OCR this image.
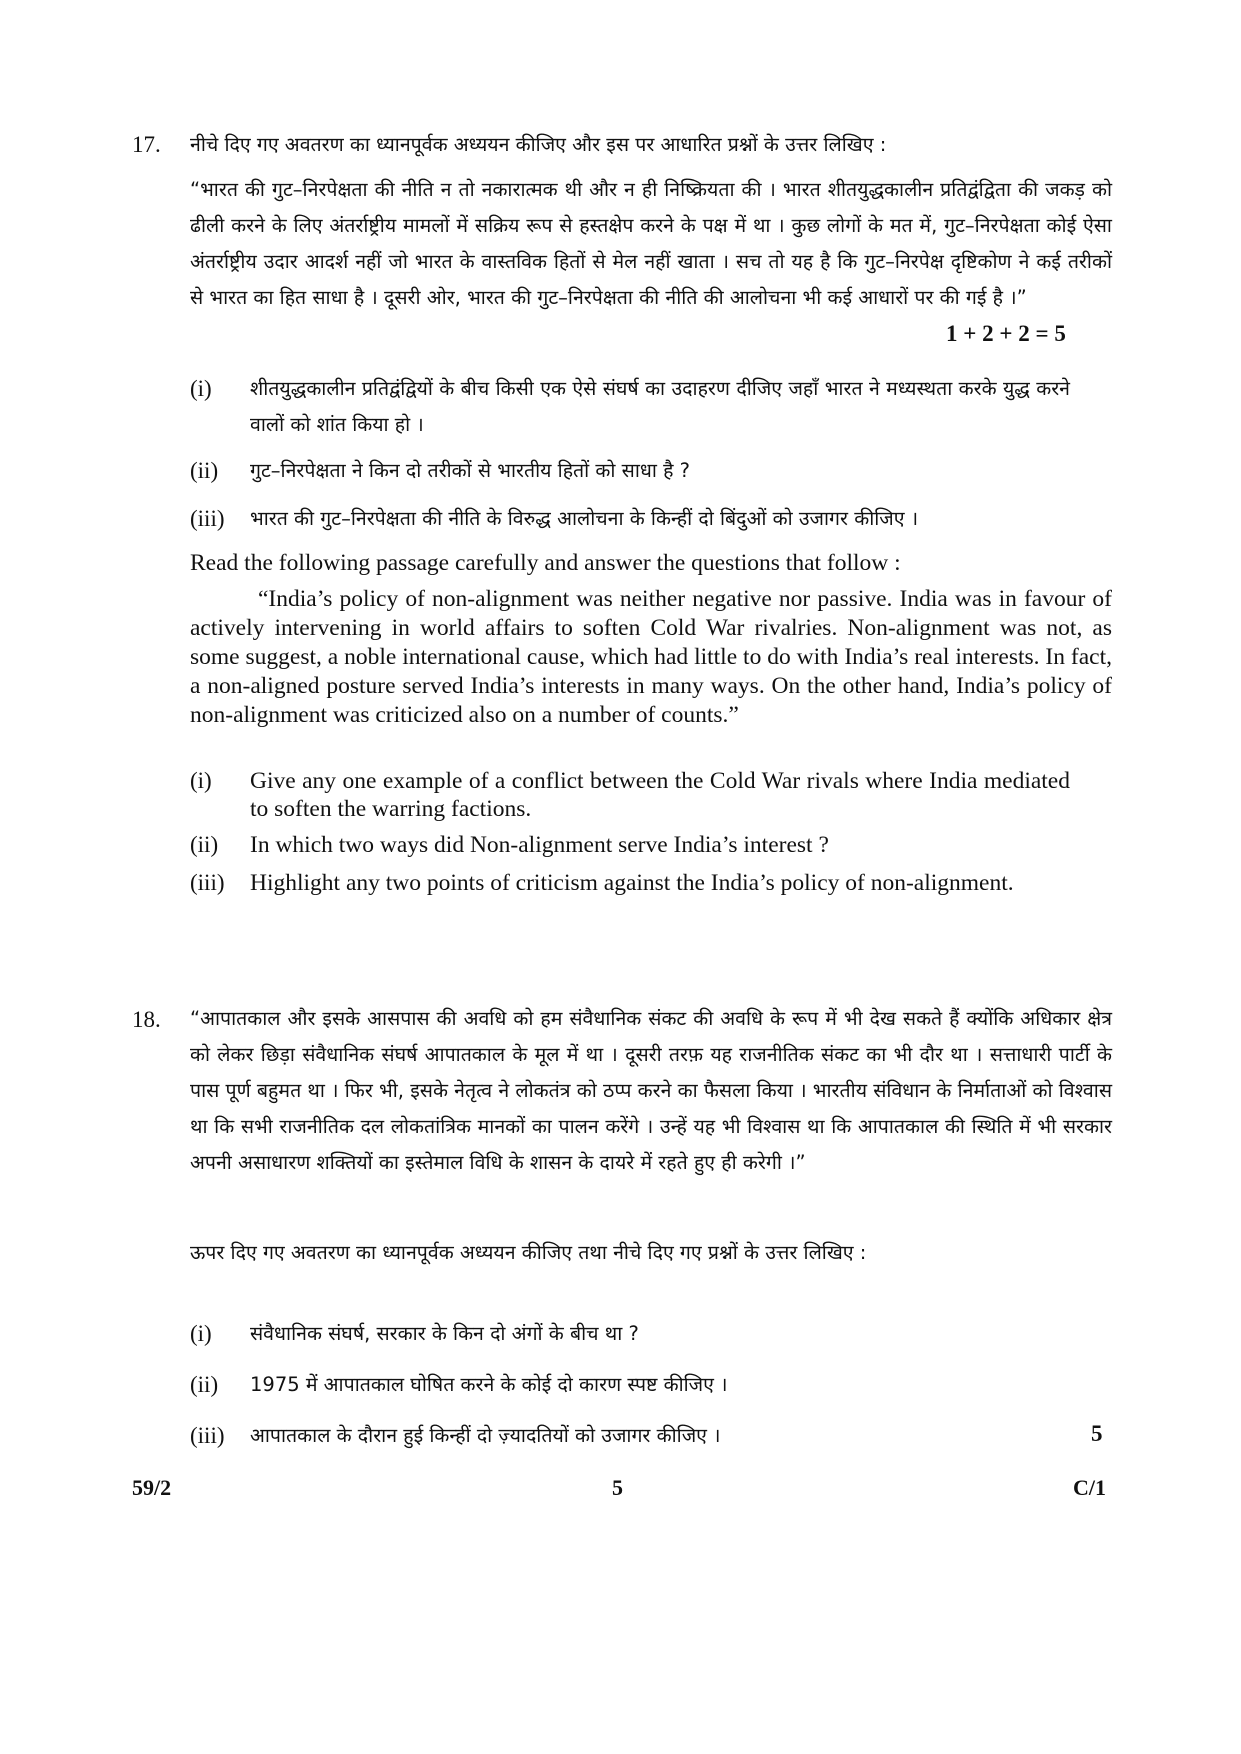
17. नीचे दिए गए अवतरण का ध्यानपूर्वक अध्ययन कीजिए और इस पर आधारित प्रश्नों के उत्तर लिखिए :

“भारत की गुट–निरपेक्षता की नीति न तो नकारात्मक थी और न ही निष्क्रियता की । भारत शीतयुद्धकालीन प्रतिद्वंद्विता की जकड़ को ढीली करने के लिए अंतर्राष्ट्रीय मामलों में सक्रिय रूप से हस्तक्षेप करने के पक्ष में था । कुछ लोगों के मत में, गुट–निरपेक्षता कोई ऐसा अंतर्राष्ट्रीय उदार आदर्श नहीं जो भारत के वास्तविक हितों से मेल नहीं खाता । सच तो यह है कि गुट–निरपेक्ष दृष्टिकोण ने कई तरीकों से भारत का हित साधा है । दूसरी ओर, भारत की गुट–निरपेक्षता की नीति की आलोचना भी कई आधारों पर की गई है ।”

1 + 2 + 2 = 5
(i)	शीतयुद्धकालीन प्रतिद्वंद्वियों के बीच किसी एक ऐसे संघर्ष का उदाहरण दीजिए जहाँ भारत ने मध्यस्थता करके युद्ध करने वालों को शांत किया हो ।
(ii)	गुट–निरपेक्षता ने किन दो तरीकों से भारतीय हितों को साधा है ?
(iii)	भारत की गुट–निरपेक्षता की नीति के विरुद्ध आलोचना के किन्हीं दो बिंदुओं को उजागर कीजिए ।
Read the following passage carefully and answer the questions that follow :

“India’s policy of non-alignment was neither negative nor passive. India was in favour of actively intervening in world affairs to soften Cold War rivalries. Non-alignment was not, as some suggest, a noble international cause, which had little to do with India’s real interests. In fact, a non-aligned posture served India’s interests in many ways. On the other hand, India’s policy of non-alignment was criticized also on a number of counts.”

(i)	Give any one example of a conflict between the Cold War rivals where India mediated to soften the warring factions.
(ii)	In which two ways did Non-alignment serve India’s interest ?
(iii)	Highlight any two points of criticism against the India’s policy of non-alignment.
18. “आपातकाल और इसके आसपास की अवधि को हम संवैधानिक संकट की अवधि के रूप में भी देख सकते हैं क्योंकि अधिकार क्षेत्र को लेकर छिड़ा संवैधानिक संघर्ष आपातकाल के मूल में था । दूसरी तरफ़ यह राजनीतिक संकट का भी दौर था । सत्ताधारी पार्टी के पास पूर्ण बहुमत था । फिर भी, इसके नेतृत्व ने लोकतंत्र को ठप्प करने का फैसला किया । भारतीय संविधान के निर्माताओं को विश्वास था कि सभी राजनीतिक दल लोकतांत्रिक मानकों का पालन करेंगे । उन्हें यह भी विश्वास था कि आपातकाल की स्थिति में भी सरकार अपनी असाधारण शक्तियों का इस्तेमाल विधि के शासन के दायरे में रहते हुए ही करेगी ।”

ऊपर दिए गए अवतरण का ध्यानपूर्वक अध्ययन कीजिए तथा नीचे दिए गए प्रश्नों के उत्तर लिखिए :
(i)	संवैधानिक संघर्ष, सरकार के किन दो अंगों के बीच था ?
(ii)	1975 में आपातकाल घोषित करने के कोई दो कारण स्पष्ट कीजिए ।
(iii)	आपातकाल के दौरान हुई किन्हीं दो ज़्यादतियों को उजागर कीजिए ।	5
59/2	5	C/1
